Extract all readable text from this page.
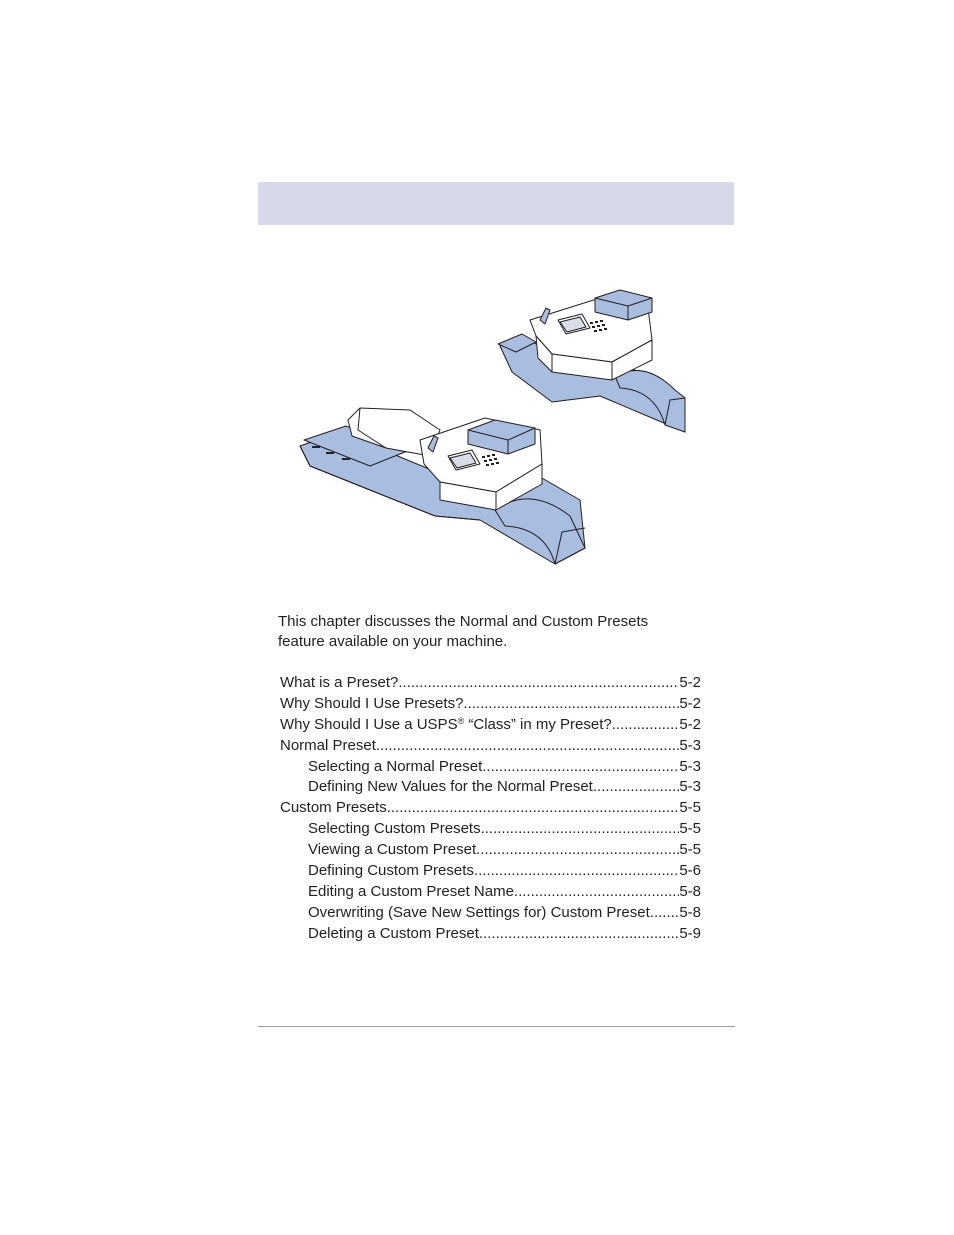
This chapter discusses the Normal and Custom Presets feature available on your machine.

What is a Preset? .....	5-2
Why Should I Use Presets? .....	5-2
Why Should I Use a USPS® “Class” in my Preset? .....	5-2
Normal Preset .....	5-3
Selecting a Normal Preset .....	5-3
Defining New Values for the Normal Preset .....	5-3
Custom Presets .....	5-5
Selecting Custom Presets .....	5-5
Viewing a Custom Preset .....	5-5
Defining Custom Presets .....	5-6
Editing a Custom Preset Name .....	5-8
Overwriting (Save New Settings for) Custom Preset ..... 5-8
Deleting a Custom Preset .....	5-9
